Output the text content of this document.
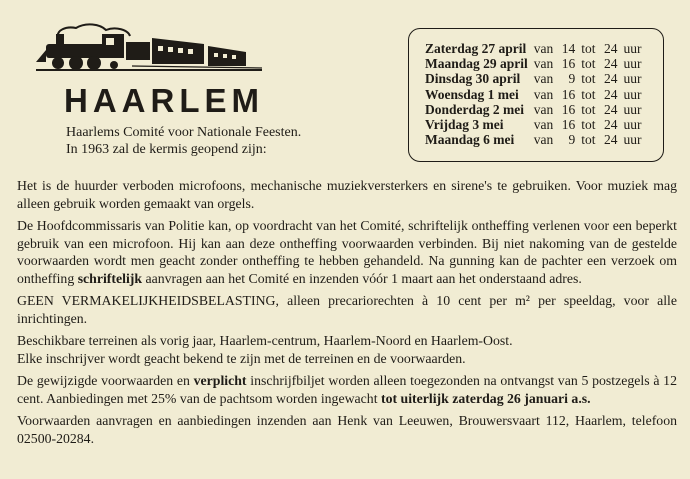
HAARLEM
Haarlems Comité voor Nationale Feesten.
In 1963 zal de kermis geopend zijn:
Zaterdag 27 april	van	14	tot	24	uur
Maandag 29 april	van	16	tot	24	uur
Dinsdag 30 april	van	9	tot	24	uur
Woensdag 1 mei	van	16	tot	24	uur
Donderdag 2 mei	van	16	tot	24	uur
Vrijdag 3 mei	van	16	tot	24	uur
Maandag 6 mei	van	9	tot	24	uur

Het is de huurder verboden microfoons, mechanische muziekversterkers en sirene's te gebruiken. Voor muziek mag alleen gebruik worden gemaakt van orgels.

De Hoofdcommissaris van Politie kan, op voordracht van het Comité, schriftelijk ontheffing verlenen voor een beperkt gebruik van een microfoon. Hij kan aan deze ontheffing voorwaarden verbinden. Bij niet nakoming van de gestelde voorwaarden wordt men geacht zonder ontheffing te hebben gehandeld. Na gunning kan de pachter een verzoek om ontheffing schriftelijk aanvragen aan het Comité en inzenden vóór 1 maart aan het onderstaand adres.

GEEN VERMAKELIJKHEIDSBELASTING, alleen precariorechten à 10 cent per m² per speeldag, voor alle inrichtingen.

Beschikbare terreinen als vorig jaar, Haarlem-centrum, Haarlem-Noord en Haarlem-Oost.
Elke inschrijver wordt geacht bekend te zijn met de terreinen en de voorwaarden.

De gewijzigde voorwaarden en verplicht inschrijfbiljet worden alleen toegezonden na ontvangst van 5 postzegels à 12 cent. Aanbiedingen met 25% van de pachtsom worden ingewacht tot uiterlijk zaterdag 26 januari a.s.

Voorwaarden aanvragen en aanbiedingen inzenden aan Henk van Leeuwen, Brouwersvaart 112, Haarlem, telefoon 02500-20284.
